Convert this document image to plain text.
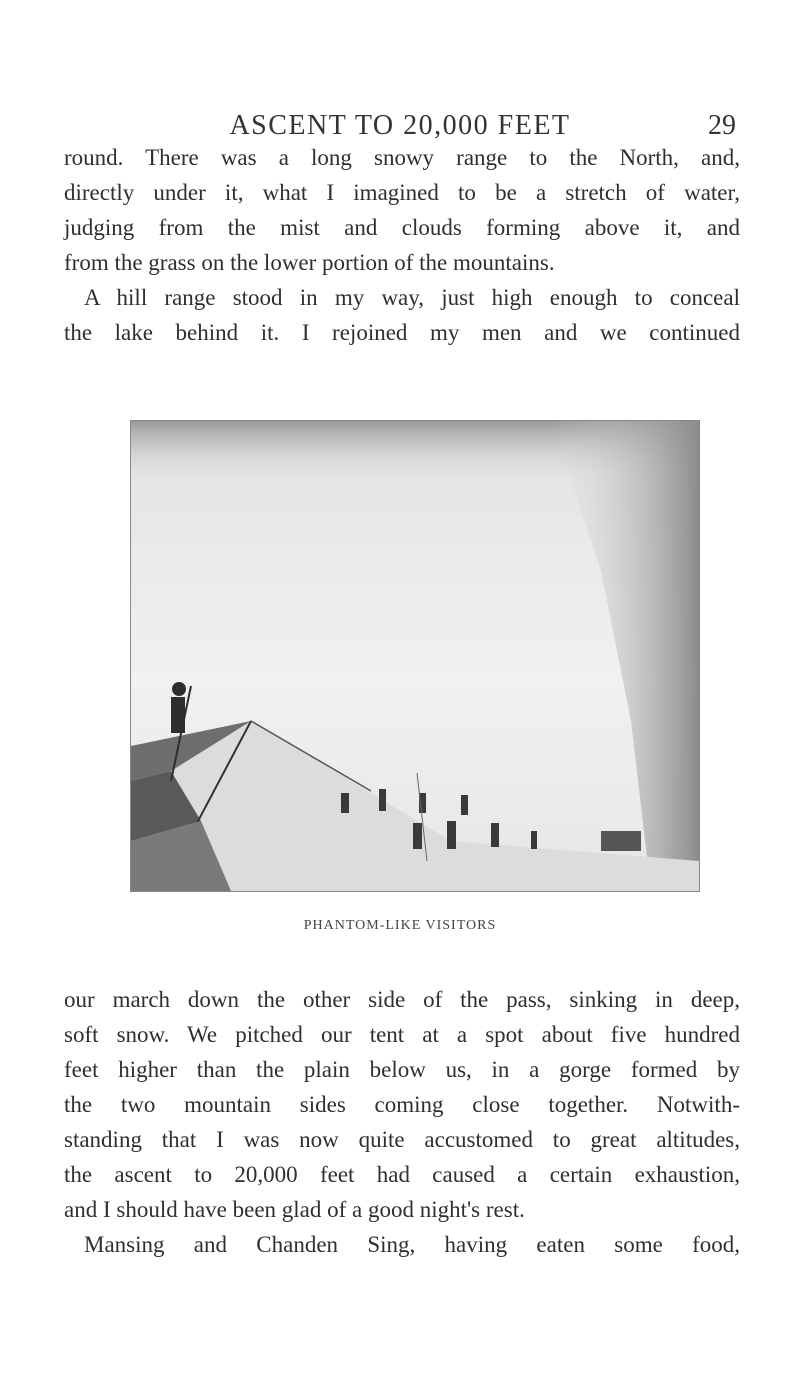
ASCENT TO 20,000 FEET	29

round. There was a long snowy range to the North, and,
directly under it, what I imagined to be a stretch of water,
judging from the mist and clouds forming above it, and
from the grass on the lower portion of the mountains.
A hill range stood in my way, just high enough to conceal
the lake behind it. I rejoined my men and we continued

PHANTOM-LIKE VISITORS

our march down the other side of the pass, sinking in deep,
soft snow. We pitched our tent at a spot about five hundred
feet higher than the plain below us, in a gorge formed by
the two mountain sides coming close together. Notwith-
standing that I was now quite accustomed to great altitudes,
the ascent to 20,000 feet had caused a certain exhaustion,
and I should have been glad of a good night's rest.
Mansing and Chanden Sing, having eaten some food,
